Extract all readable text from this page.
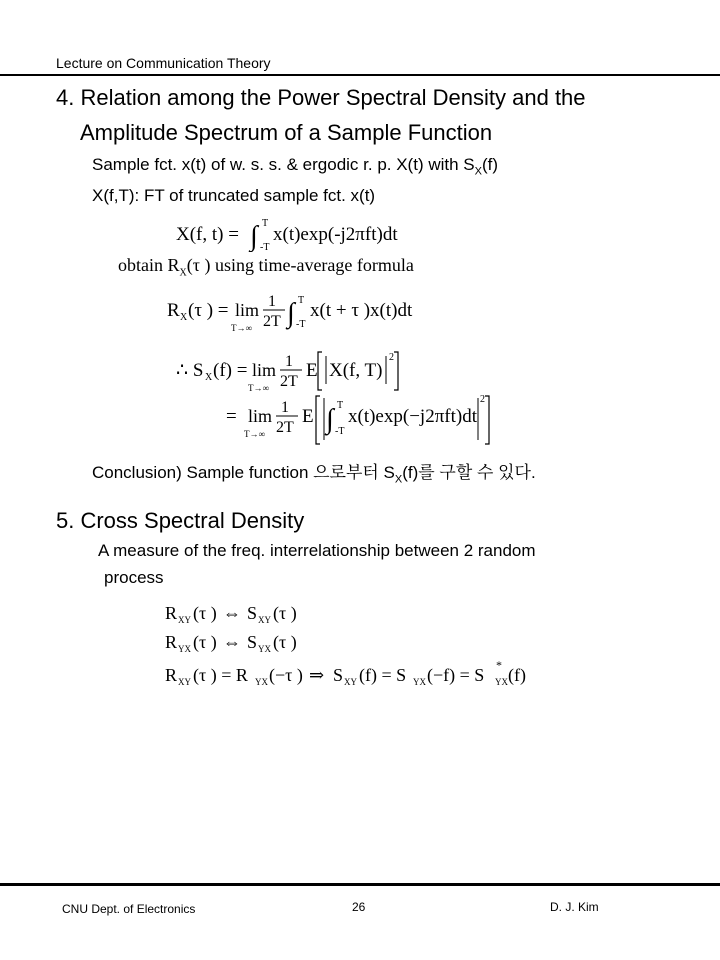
Lecture on Communication Theory
4. Relation among the Power Spectral Density and the
Amplitude Spectrum of a Sample Function
Sample fct. x(t) of w. s. s. & ergodic r. p. X(t) with $S_X(f)$
X(f,T): FT of truncated sample fct. x(t)
X(f, t) = ∫ T
-T
x(t)exp(-j2πft)dt
obtain $R_X(\tau$ ) using time-average formula
R X (τ ) = lim
T→∞
1
2T ∫ T
-T
x(t + τ )x(t)dt
∴ S X (f) = lim
T→∞
1
2T
E X(f, T)
2
= lim
T→∞
1
2T
E ∫ T
-T
x(t)exp(−j2πft)dt
2
Conclusion) Sample function 으로부터 $S_X(f)$를 구할 수 있다.
5. Cross Spectral Density
A measure of the freq. interrelationship between 2 random
process
R XY (τ ) ⇔ S XY (τ )
R YX (τ ) ⇔ S YX (τ )
R XY (τ ) = R YX (−τ ) ⇒ S XY (f) = S YX (−f) = S YX
* (f)
CNU Dept. of Electronics	26	D. J. Kim
